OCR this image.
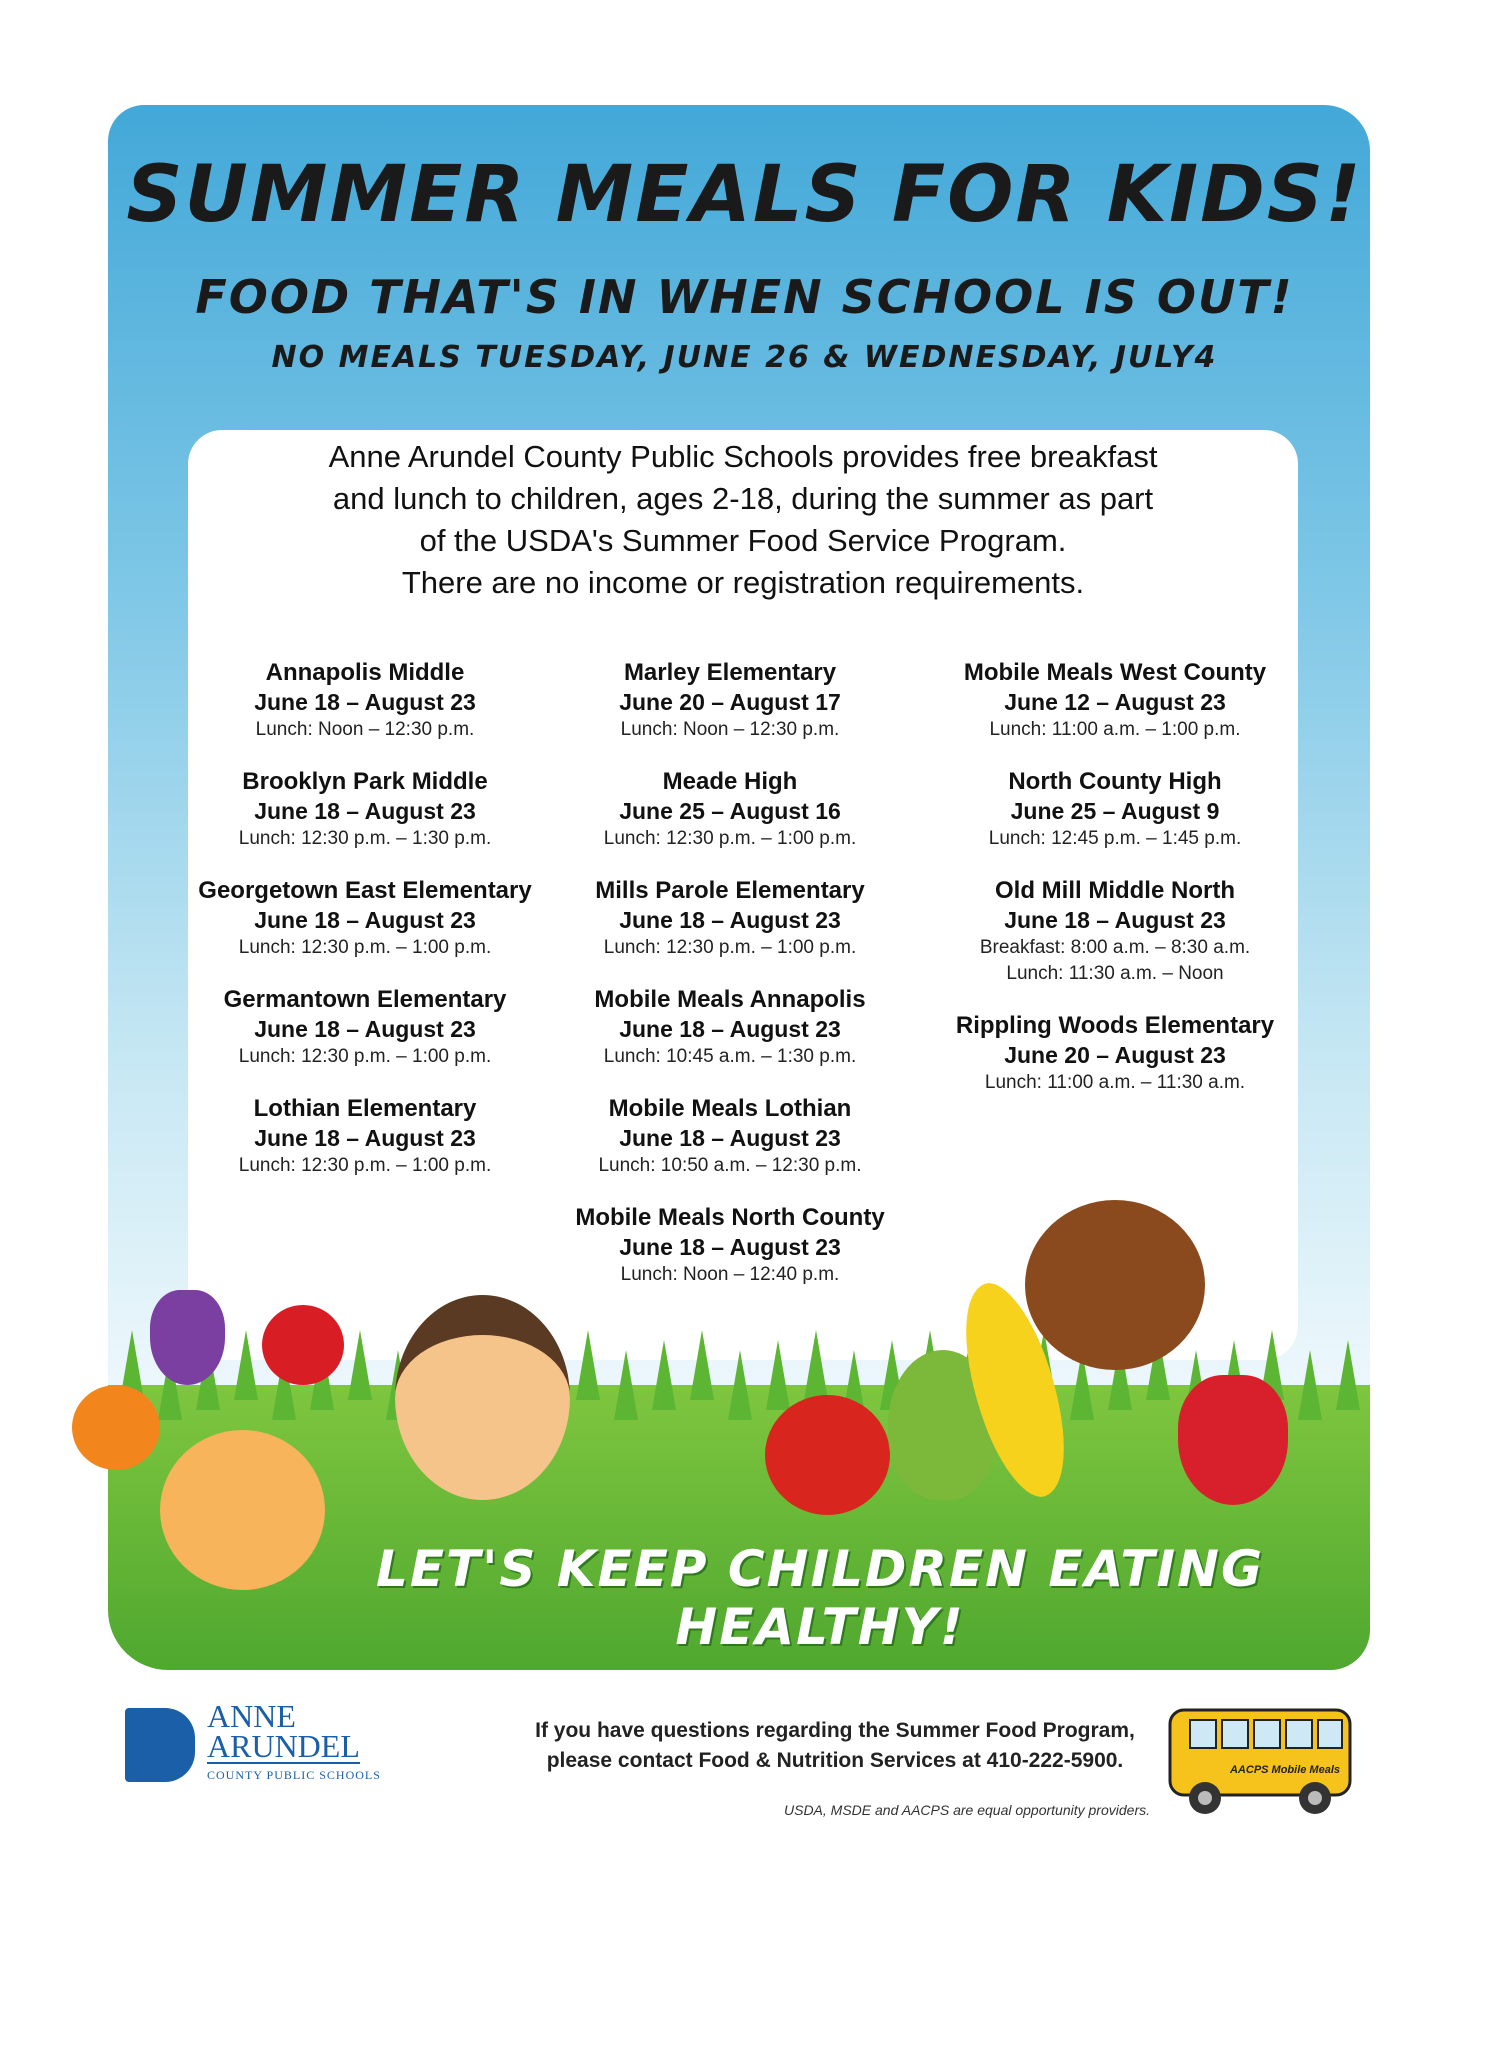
SUMMER MEALS FOR KIDS!
FOOD THAT'S IN WHEN SCHOOL IS OUT!
NO MEALS TUESDAY, JUNE 26 & WEDNESDAY, JULY4
Anne Arundel County Public Schools provides free breakfast
and lunch to children, ages 2-18, during the summer as part
of the USDA's Summer Food Service Program.
There are no income or registration requirements.
Annapolis Middle
June 18 – August 23
Lunch: Noon – 12:30 p.m.
Brooklyn Park Middle
June 18 – August 23
Lunch: 12:30 p.m. – 1:30 p.m.
Georgetown East Elementary
June 18 – August 23
Lunch: 12:30 p.m. – 1:00 p.m.
Germantown Elementary
June 18 – August 23
Lunch: 12:30 p.m. – 1:00 p.m.
Lothian Elementary
June 18 – August 23
Lunch: 12:30 p.m. – 1:00 p.m.
Marley Elementary
June 20 – August 17
Lunch: Noon – 12:30 p.m.
Meade High
June 25 – August 16
Lunch: 12:30 p.m. – 1:00 p.m.
Mills Parole Elementary
June 18 – August 23
Lunch: 12:30 p.m. – 1:00 p.m.
Mobile Meals Annapolis
June 18 – August 23
Lunch: 10:45 a.m. – 1:30 p.m.
Mobile Meals Lothian
June 18 – August 23
Lunch: 10:50 a.m. – 12:30 p.m.
Mobile Meals North County
June 18 – August 23
Lunch: Noon – 12:40 p.m.
Mobile Meals West County
June 12 – August 23
Lunch: 11:00 a.m. – 1:00 p.m.
North County High
June 25 – August 9
Lunch: 12:45 p.m. – 1:45 p.m.
Old Mill Middle North
June 18 – August 23
Breakfast: 8:00 a.m. – 8:30 a.m.
Lunch: 11:30 a.m. – Noon
Rippling Woods Elementary
June 20 – August 23
Lunch: 11:00 a.m. – 11:30 a.m.
LET'S KEEP CHILDREN EATING HEALTHY!
ANNE
ARUNDEL
COUNTY PUBLIC SCHOOLS
If you have questions regarding the Summer Food Program,
please contact Food & Nutrition Services at 410-222-5900.
USDA, MSDE and AACPS are equal opportunity providers.
AACPS Mobile Meals
